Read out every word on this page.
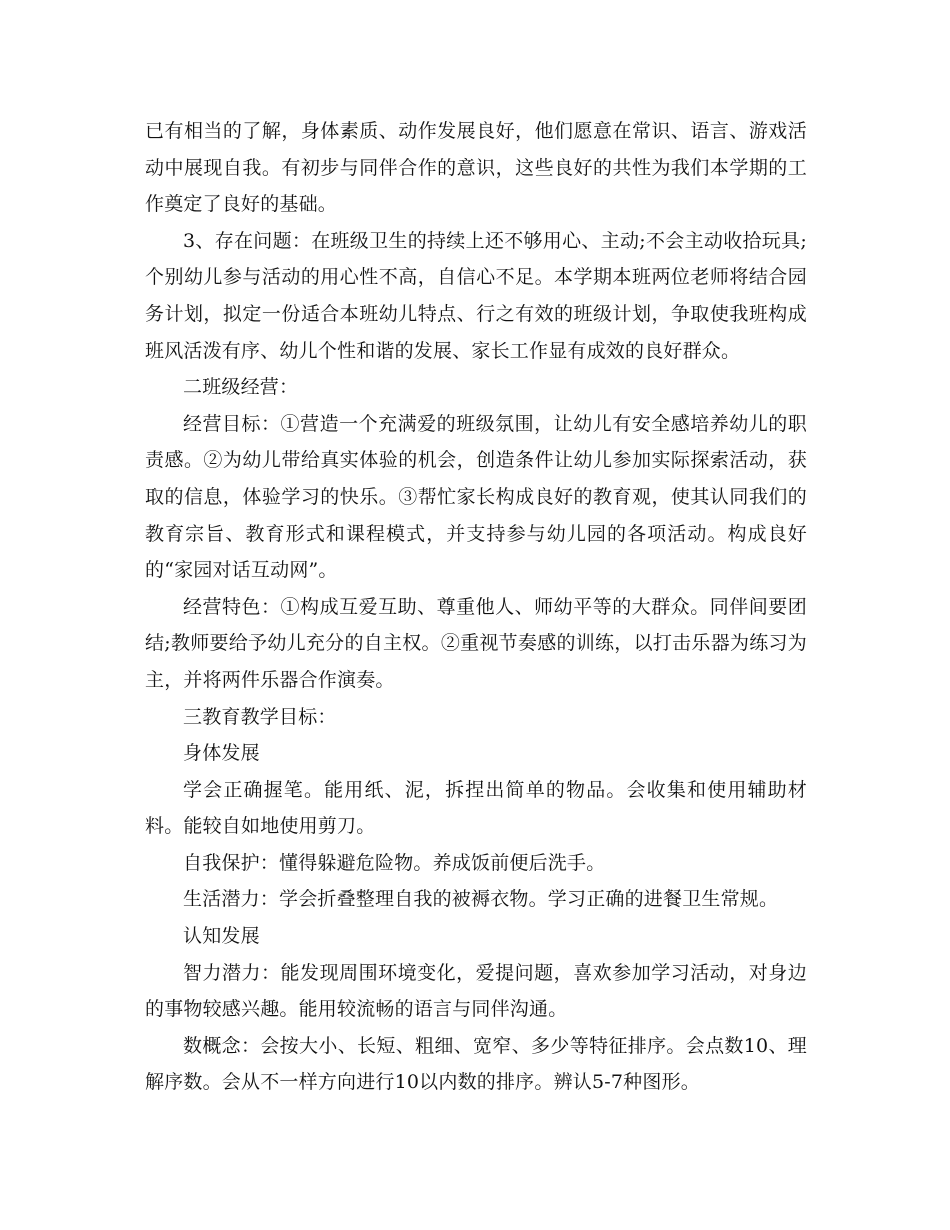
已有相当的了解，身体素质、动作发展良好，他们愿意在常识、语言、游戏活动中展现自我。有初步与同伴合作的意识，这些良好的共性为我们本学期的工作奠定了良好的基础。

3、存在问题：在班级卫生的持续上还不够用心、主动;不会主动收拾玩具;个别幼儿参与活动的用心性不高，自信心不足。本学期本班两位老师将结合园务计划，拟定一份适合本班幼儿特点、行之有效的班级计划，争取使我班构成班风活泼有序、幼儿个性和谐的发展、家长工作显有成效的良好群众。

二班级经营：

经营目标：①营造一个充满爱的班级氛围，让幼儿有安全感培养幼儿的职责感。②为幼儿带给真实体验的机会，创造条件让幼儿参加实际探索活动，获取的信息，体验学习的快乐。③帮忙家长构成良好的教育观，使其认同我们的教育宗旨、教育形式和课程模式，并支持参与幼儿园的各项活动。构成良好的“家园对话互动网”。

经营特色：①构成互爱互助、尊重他人、师幼平等的大群众。同伴间要团结;教师要给予幼儿充分的自主权。②重视节奏感的训练，以打击乐器为练习为主，并将两件乐器合作演奏。

三教育教学目标：

身体发展

学会正确握笔。能用纸、泥，拆捏出简单的物品。会收集和使用辅助材料。能较自如地使用剪刀。

自我保护：懂得躲避危险物。养成饭前便后洗手。

生活潜力：学会折叠整理自我的被褥衣物。学习正确的进餐卫生常规。

认知发展

智力潜力：能发现周围环境变化，爱提问题，喜欢参加学习活动，对身边的事物较感兴趣。能用较流畅的语言与同伴沟通。

数概念：会按大小、长短、粗细、宽窄、多少等特征排序。会点数10、理解序数。会从不一样方向进行10以内数的排序。辨认5-7种图形。
